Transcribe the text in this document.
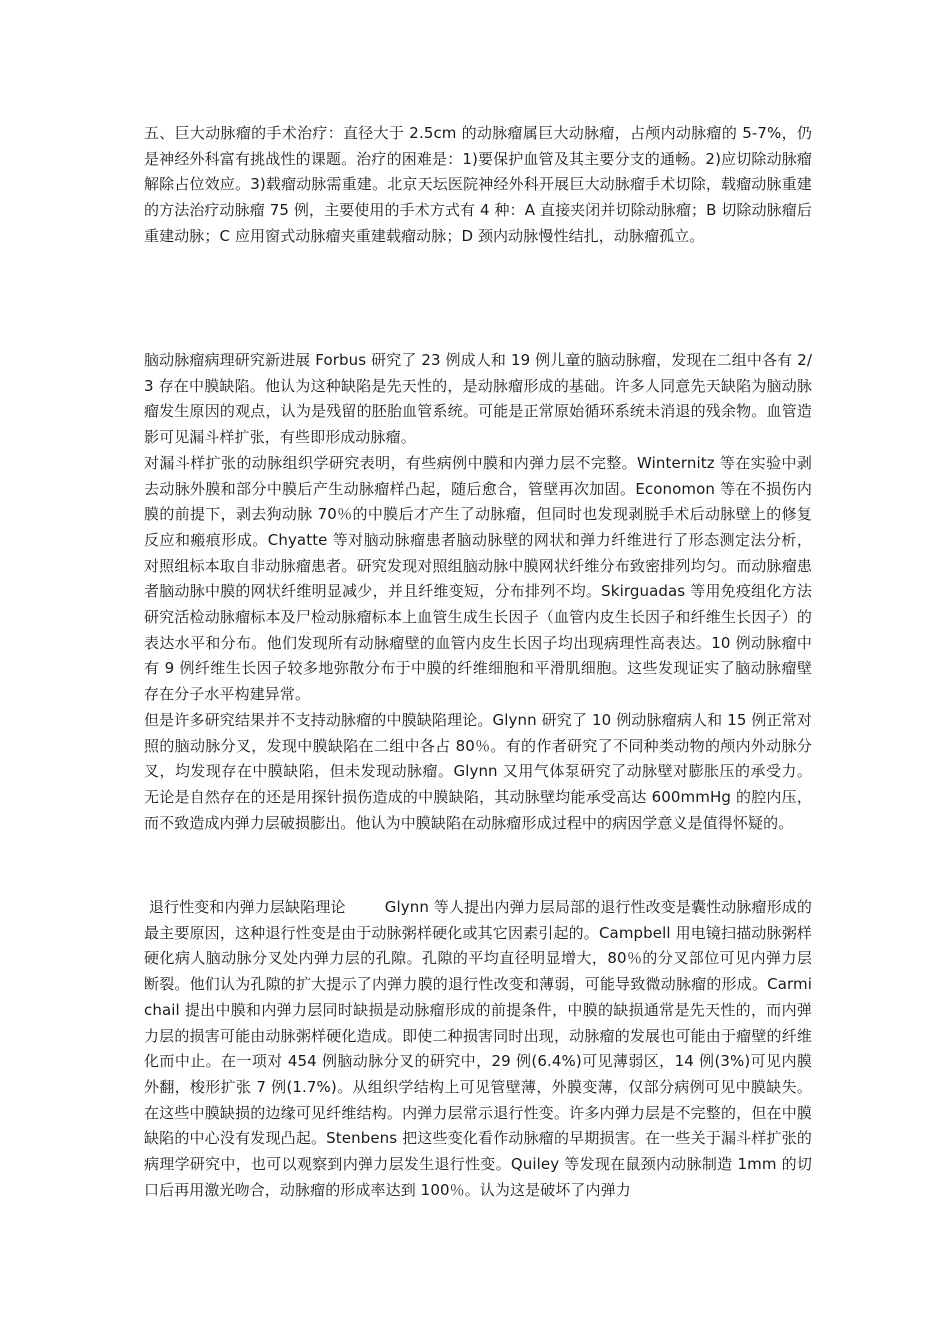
五、巨大动脉瘤的手术治疗：直径大于 2.5cm 的动脉瘤属巨大动脉瘤，占颅内动脉瘤的 5-7%，仍是神经外科富有挑战性的课题。治疗的困难是：1)要保护血管及其主要分支的通畅。2)应切除动脉瘤解除占位效应。3)载瘤动脉需重建。北京天坛医院神经外科开展巨大动脉瘤手术切除，载瘤动脉重建的方法治疗动脉瘤 75 例，主要使用的手术方式有 4 种：A 直接夹闭并切除动脉瘤；B 切除动脉瘤后重建动脉；C 应用窗式动脉瘤夹重建载瘤动脉；D 颈内动脉慢性结扎，动脉瘤孤立。

脑动脉瘤病理研究新进展 Forbus 研究了 23 例成人和 19 例儿童的脑动脉瘤，发现在二组中各有 2/3 存在中膜缺陷。他认为这种缺陷是先天性的，是动脉瘤形成的基础。许多人同意先天缺陷为脑动脉瘤发生原因的观点，认为是残留的胚胎血管系统。可能是正常原始循环系统未消退的残余物。血管造影可见漏斗样扩张，有些即形成动脉瘤。

对漏斗样扩张的动脉组织学研究表明，有些病例中膜和内弹力层不完整。Winternitz 等在实验中剥去动脉外膜和部分中膜后产生动脉瘤样凸起，随后愈合，管壁再次加固。Economon 等在不损伤内膜的前提下，剥去狗动脉 70％的中膜后才产生了动脉瘤，但同时也发现剥脱手术后动脉壁上的修复反应和瘢痕形成。Chyatte 等对脑动脉瘤患者脑动脉壁的网状和弹力纤维进行了形态测定法分析，对照组标本取自非动脉瘤患者。研究发现对照组脑动脉中膜网状纤维分布致密排列均匀。而动脉瘤患者脑动脉中膜的网状纤维明显减少，并且纤维变短，分布排列不均。Skirguadas 等用免疫组化方法研究活检动脉瘤标本及尸检动脉瘤标本上血管生成生长因子（血管内皮生长因子和纤维生长因子）的表达水平和分布。他们发现所有动脉瘤壁的血管内皮生长因子均出现病理性高表达。10 例动脉瘤中有 9 例纤维生长因子较多地弥散分布于中膜的纤维细胞和平滑肌细胞。这些发现证实了脑动脉瘤壁存在分子水平构建异常。

但是许多研究结果并不支持动脉瘤的中膜缺陷理论。Glynn 研究了 10 例动脉瘤病人和 15 例正常对照的脑动脉分叉，发现中膜缺陷在二组中各占 80％。有的作者研究了不同种类动物的颅内外动脉分叉，均发现存在中膜缺陷，但未发现动脉瘤。Glynn 又用气体泵研究了动脉壁对膨胀压的承受力。无论是自然存在的还是用探针损伤造成的中膜缺陷，其动脉壁均能承受高达 600mmHg 的腔内压，而不致造成内弹力层破损膨出。他认为中膜缺陷在动脉瘤形成过程中的病因学意义是值得怀疑的。

退行性变和内弹力层缺陷理论        Glynn 等人提出内弹力层局部的退行性改变是囊性动脉瘤形成的最主要原因，这种退行性变是由于动脉粥样硬化或其它因素引起的。Campbell 用电镜扫描动脉粥样硬化病人脑动脉分叉处内弹力层的孔隙。孔隙的平均直径明显增大，80％的分叉部位可见内弹力层断裂。他们认为孔隙的扩大提示了内弹力膜的退行性改变和薄弱，可能导致微动脉瘤的形成。Carmichail 提出中膜和内弹力层同时缺损是动脉瘤形成的前提条件，中膜的缺损通常是先天性的，而内弹力层的损害可能由动脉粥样硬化造成。即使二种损害同时出现，动脉瘤的发展也可能由于瘤壁的纤维化而中止。在一项对 454 例脑动脉分叉的研究中，29 例(6.4%)可见薄弱区，14 例(3%)可见内膜外翻，梭形扩张 7 例(1.7%)。从组织学结构上可见管壁薄，外膜变薄，仅部分病例可见中膜缺失。在这些中膜缺损的边缘可见纤维结构。内弹力层常示退行性变。许多内弹力层是不完整的，但在中膜缺陷的中心没有发现凸起。Stenbens 把这些变化看作动脉瘤的早期损害。在一些关于漏斗样扩张的病理学研究中，也可以观察到内弹力层发生退行性变。Quiley 等发现在鼠颈内动脉制造 1mm 的切口后再用激光吻合，动脉瘤的形成率达到 100％。认为这是破坏了内弹力
